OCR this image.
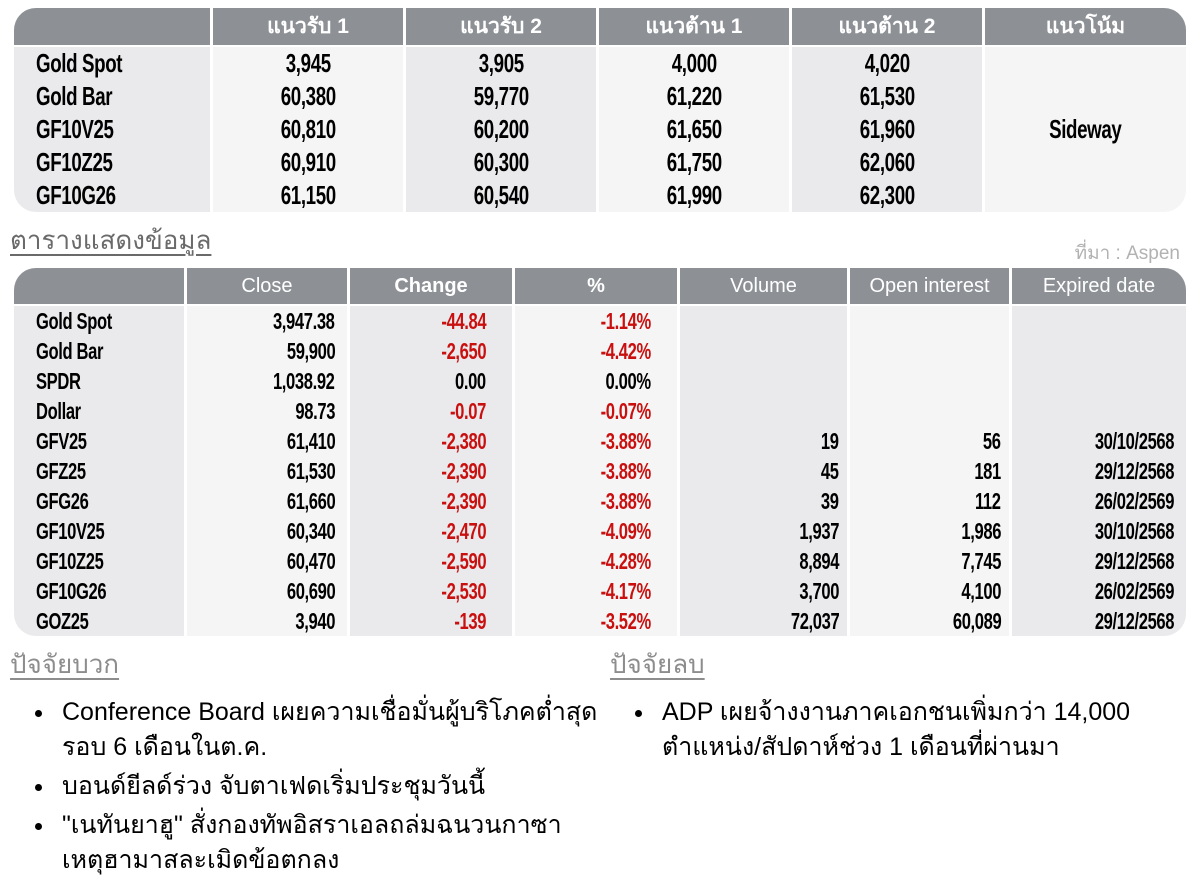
แนวรับ 1	แนวรับ 2	แนวต้าน 1	แนวต้าน 2	แนวโน้ม
Gold Spot	3,945	3,905	4,000	4,020
Gold Bar	60,380	59,770	61,220	61,530
GF10V25	60,810	60,200	61,650	61,960
GF10Z25	60,910	60,300	61,750	62,060
GF10G26	61,150	60,540	61,990	62,300
Sideway
ตารางแสดงข้อมูล	ที่มา : Aspen
Close	Change	%	Volume	Open interest	Expired date
Gold Spot	3,947.38	-44.84	-1.14%
Gold Bar	59,900	-2,650	-4.42%
SPDR	1,038.92	0.00	0.00%
Dollar	98.73	-0.07	-0.07%
GFV25	61,410	-2,380	-3.88%	19	56	30/10/2568
GFZ25	61,530	-2,390	-3.88%	45	181	29/12/2568
GFG26	61,660	-2,390	-3.88%	39	112	26/02/2569
GF10V25	60,340	-2,470	-4.09%	1,937	1,986	30/10/2568
GF10Z25	60,470	-2,590	-4.28%	8,894	7,745	29/12/2568
GF10G26	60,690	-2,530	-4.17%	3,700	4,100	26/02/2569
GOZ25	3,940	-139	-3.52%	72,037	60,089	29/12/2568
ปัจจัยบวก
• Conference Board เผยความเชื่อมั่นผู้บริโภคต่ำสุดรอบ 6 เดือนในต.ค.
• บอนด์ยีลด์ร่วง จับตาเฟดเริ่มประชุมวันนี้
• "เนทันยาฮู" สั่งกองทัพอิสราเอลถล่มฉนวนกาซา เหตุฮามาสละเมิดข้อตกลง
ปัจจัยลบ
• ADP เผยจ้างงานภาคเอกชนเพิ่มกว่า 14,000 ตำแหน่ง/สัปดาห์ช่วง 1 เดือนที่ผ่านมา
